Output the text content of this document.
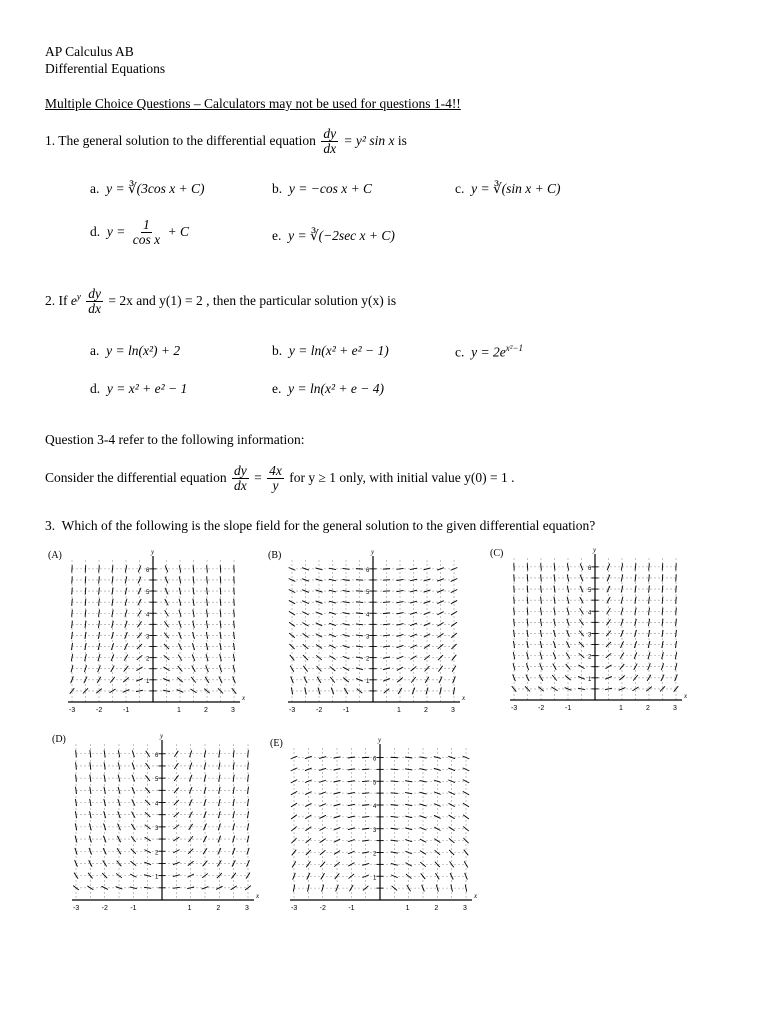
AP Calculus AB
Differential Equations
Multiple Choice Questions – Calculators may not be used for questions 1-4!!
1. The general solution to the differential equation $\frac{dy}{dx} = y^2$ sin x is
a. y = ∛(3cos x + C)	b. y = −cos x + C	c. y = ∛(sin x + C)
d. $y = \frac{1}{\text{cos x}} + C$	e. y = ∛(−2sec x + C)
2. If $e^y \frac{dy}{dx} = 2x$ and y(1) = 2 , then the particular solution y(x) is
a. y = ln(x²) + 2	b. y = ln(x² + e² − 1)	c. $y = 2e^{x^2-1}$
d. y = x² + e² − 1	e. y = ln(x² + e − 4)
Question 3-4 refer to the following information:
Consider the differential equation $\frac{dy}{dx} = \frac{4x}{y}$ for y ≥ 1 only, with initial value y(0) = 1 .
3. Which of the following is the slope field for the general solution to the given differential equation?
(A)
x
y
-3	-2	-1	1	2	3
1
2
3
4
5
6
(B)
x
y
-3	-2	-1	1	2	3
1
2
3
4
5
6
(C)
x
y
-3	-2	-1	1	2	3
1
2
3
4
5
6
(D)
x
y
-3	-2	-1	1	2	3
1
2
3
4
5
6
(E)
x
y
-3	-2	-1	1	2	3
1
2
3
4
5
6
